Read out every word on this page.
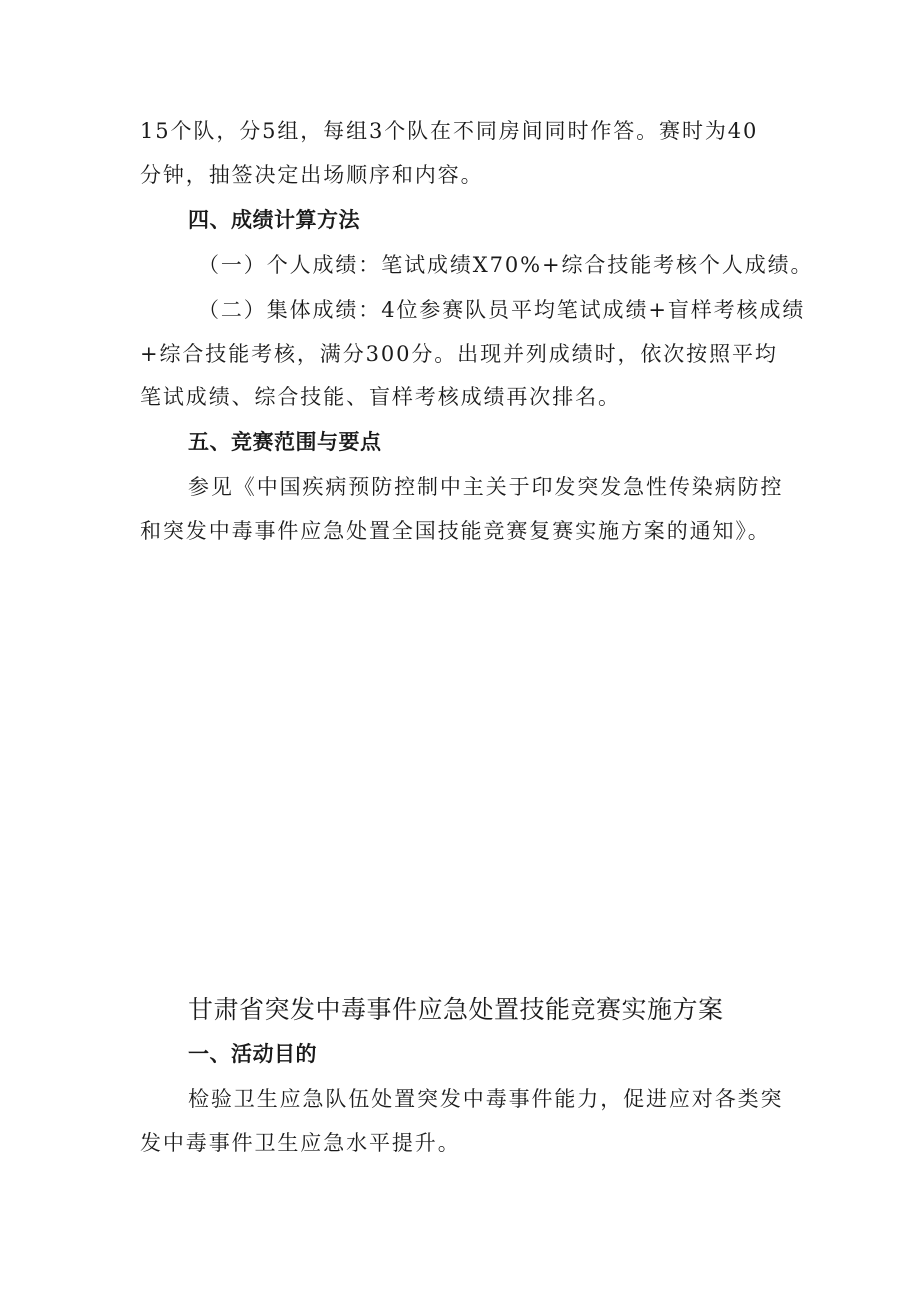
15个队，分5组，每组3个队在不同房间同时作答。赛时为40
分钟，抽签决定出场顺序和内容。
四、成绩计算方法
（一）个人成绩：笔试成绩X70%+综合技能考核个人成绩。
（二）集体成绩：4位参赛队员平均笔试成绩+盲样考核成绩
+综合技能考核，满分300分。出现并列成绩时，依次按照平均
笔试成绩、综合技能、盲样考核成绩再次排名。
五、竞赛范围与要点
参见《中国疾病预防控制中主关于印发突发急性传染病防控
和突发中毒事件应急处置全国技能竞赛复赛实施方案的通知》。
甘肃省突发中毒事件应急处置技能竞赛实施方案
一、活动目的
检验卫生应急队伍处置突发中毒事件能力，促进应对各类突
发中毒事件卫生应急水平提升。
